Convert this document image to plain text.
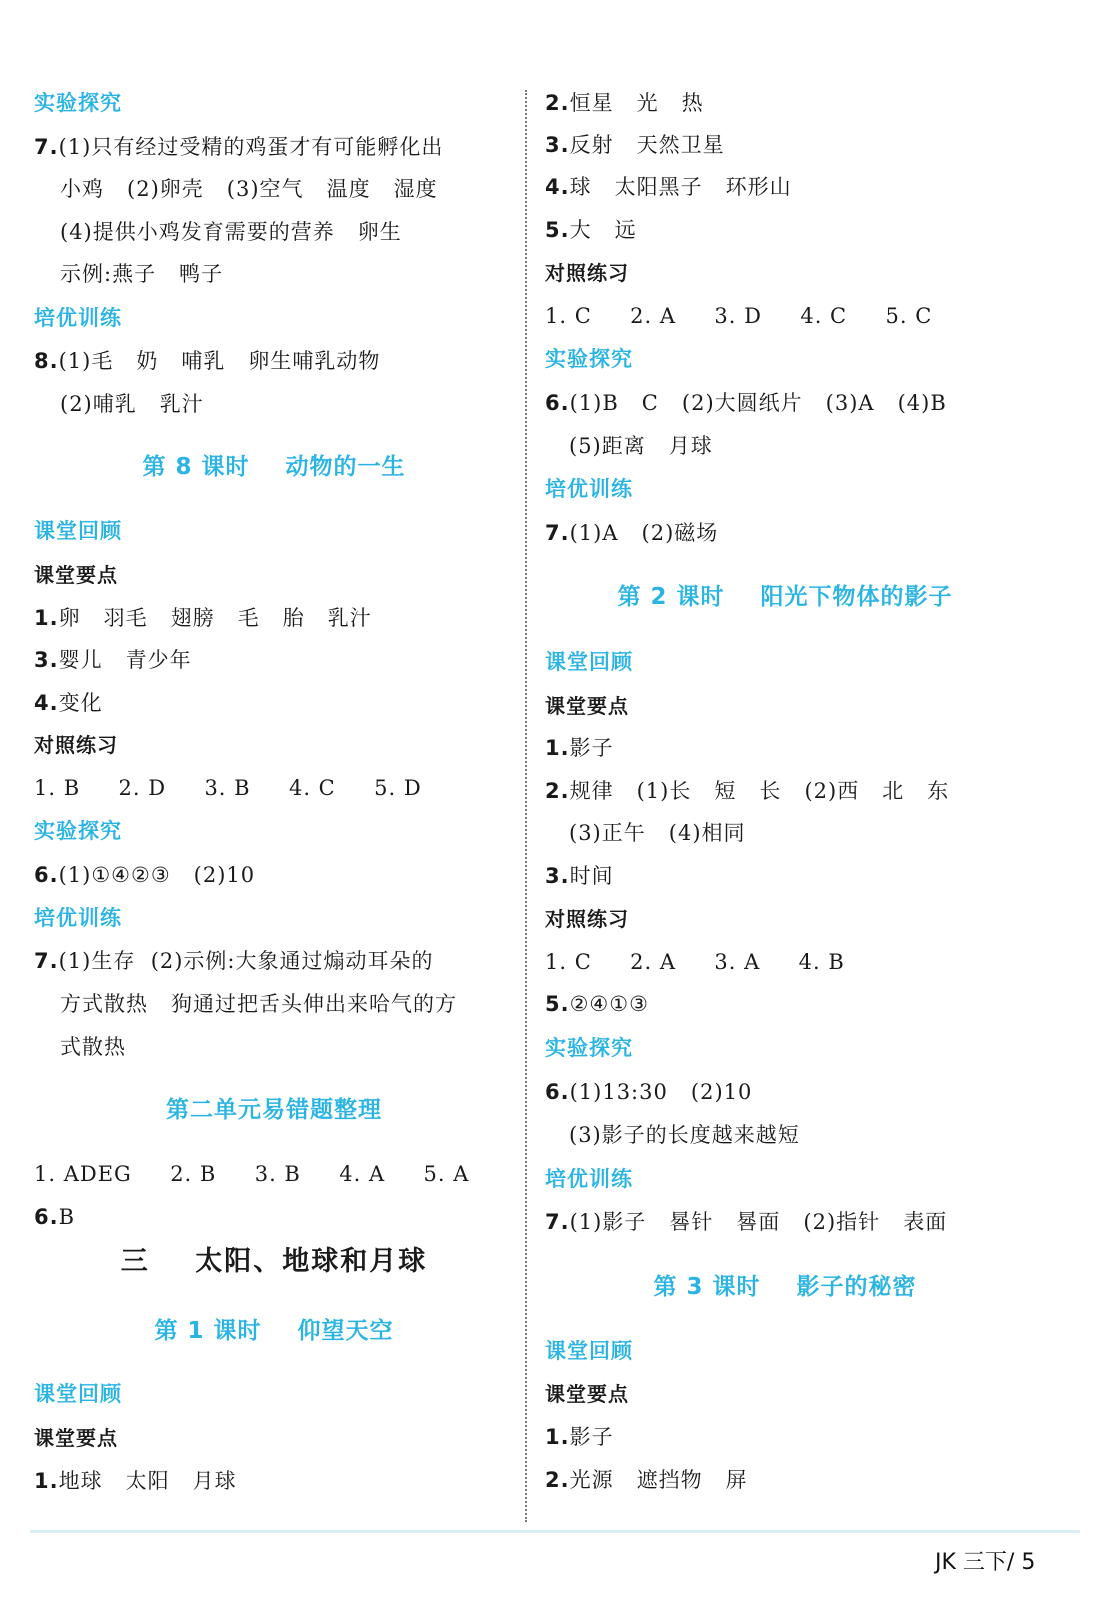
实验探究
7.(1)只有经过受精的鸡蛋才有可能孵化出
小鸡   (2)卵壳   (3)空气   温度   湿度
(4)提供小鸡发育需要的营养   卵生
示例:燕子   鸭子
培优训练
8.(1)毛   奶   哺乳   卵生哺乳动物
(2)哺乳   乳汁
第 8 课时    动物的一生
课堂回顾
课堂要点
1.卵   羽毛   翅膀   毛   胎   乳汁
3.婴儿   青少年
4.变化
对照练习
1. B     2. D     3. B     4. C     5. D
实验探究
6.(1)①④②③   (2)10
培优训练
7.(1)生存  (2)示例:大象通过煽动耳朵的
方式散热   狗通过把舌头伸出来哈气的方
式散热
第二单元易错题整理
1. ADEG     2. B     3. B     4. A     5. A
6.B
三    太阳、地球和月球
第 1 课时    仰望天空
课堂回顾
课堂要点
1.地球   太阳   月球
2.恒星   光   热
3.反射   天然卫星
4.球   太阳黑子   环形山
5.大   远
对照练习
1. C     2. A     3. D     4. C     5. C
实验探究
6.(1)B   C   (2)大圆纸片   (3)A   (4)B
(5)距离   月球
培优训练
7.(1)A   (2)磁场
第 2 课时    阳光下物体的影子
课堂回顾
课堂要点
1.影子
2.规律   (1)长   短   长   (2)西   北   东
(3)正午   (4)相同
3.时间
对照练习
1. C     2. A     3. A     4. B
5.②④①③
实验探究
6.(1)13:30   (2)10
(3)影子的长度越来越短
培优训练
7.(1)影子   晷针   晷面   (2)指针   表面
第 3 课时    影子的秘密
课堂回顾
课堂要点
1.影子
2.光源   遮挡物   屏
JK 三下/ 5
